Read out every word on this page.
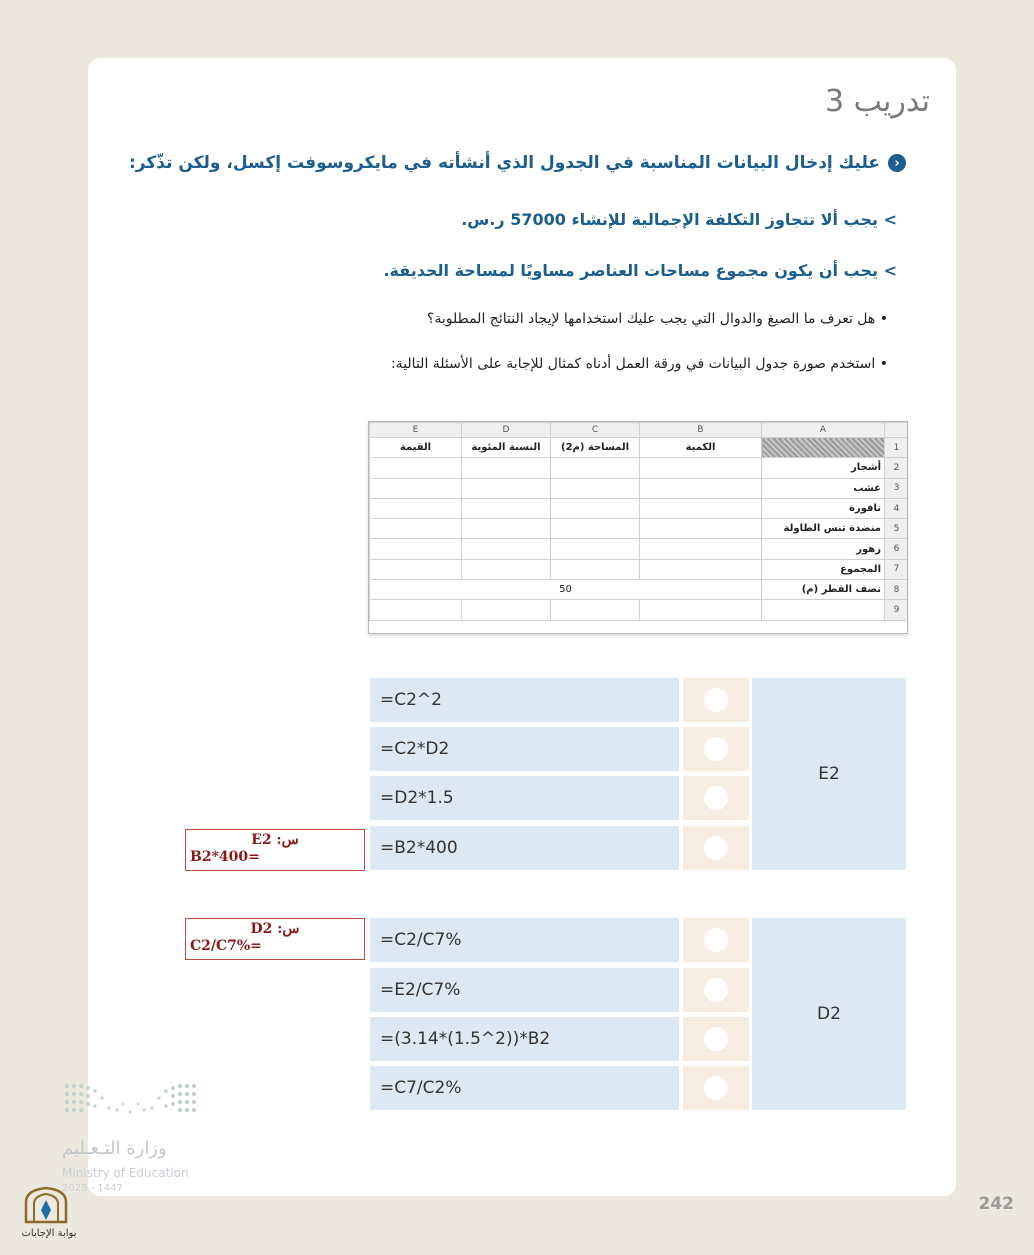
تدريب 3
‹
عليك إدخال البيانات المناسبة في الجدول الذي أنشأته في مايكروسوفت إكسل، ولكن تذّكر:
> يجب ألا تتجاوز التكلفة الإجمالية للإنشاء 57000 ر.س.
> يجب أن يكون مجموع مساحات العناصر مساويًا لمساحة الحديقة.
• هل تعرف ما الصيغ والدوال التي يجب عليك استخدامها لإيجاد النتائج المطلوبة؟
• استخدم صورة جدول البيانات في ورقة العمل أدناه كمثال للإجابة على الأسئلة التالية:
	A	B	C	D	E
1		الكمية	المساحة (م2)	النسبة المئوية	القيمة
2	أشجار				
3	عشب				
4	نافورة				
5	منضدة تنس الطاولة				
6	زهور				
7	المجموع				
8	نصف القطر (م)	50			
9					
=C2^2
=C2*D2
=D2*1.5
=B2*400
E2
=C2/C7%
=E2/C7%
=(3.14*(1.5^2))*B2
=C7/C2%
D2
س: E2
B2*400=
س: D2
C2/C7%=
وزارة التـعـليم
Ministry of Education
2025 - 1447
بوابة الإجابات
242
